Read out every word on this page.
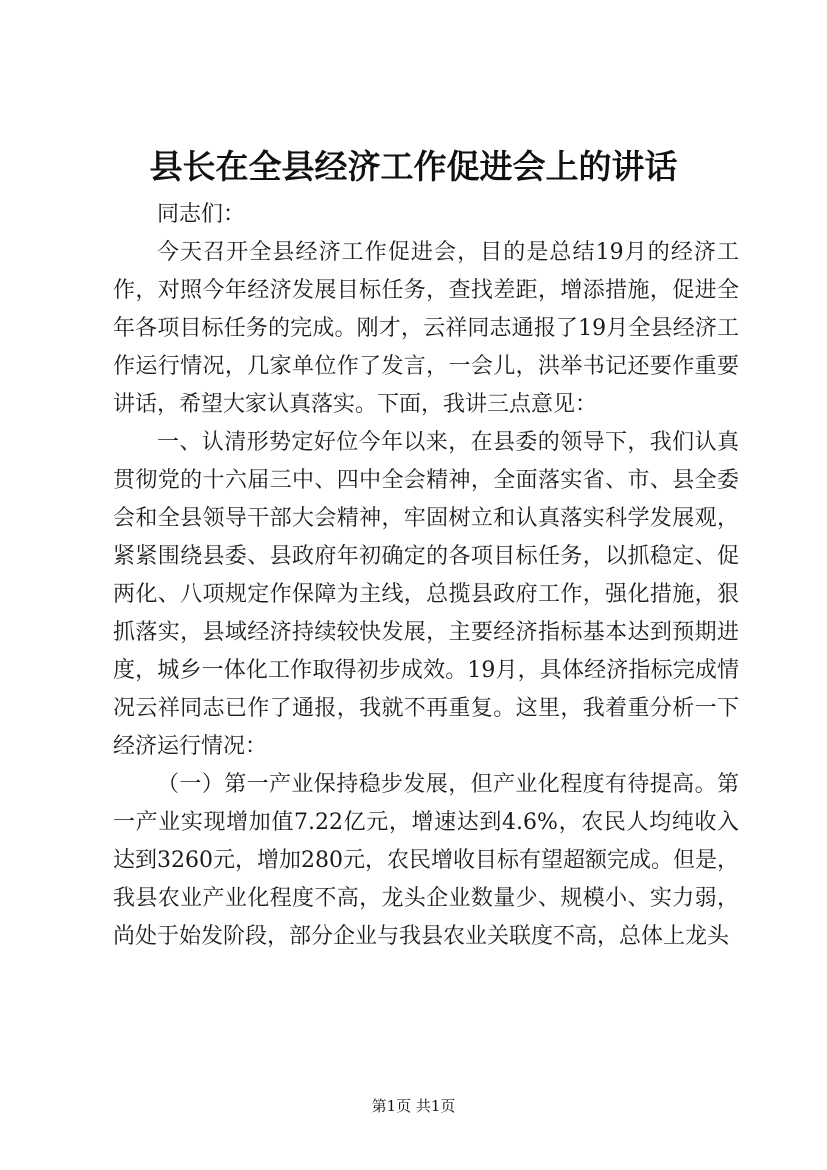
县长在全县经济工作促进会上的讲话

同志们：

今天召开全县经济工作促进会，目的是总结19月的经济工作，对照今年经济发展目标任务，查找差距，增添措施，促进全年各项目标任务的完成。刚才，云祥同志通报了19月全县经济工作运行情况，几家单位作了发言，一会儿，洪举书记还要作重要讲话，希望大家认真落实。下面，我讲三点意见：

一、认清形势定好位今年以来，在县委的领导下，我们认真贯彻党的十六届三中、四中全会精神，全面落实省、市、县全委会和全县领导干部大会精神，牢固树立和认真落实科学发展观，紧紧围绕县委、县政府年初确定的各项目标任务，以抓稳定、促两化、八项规定作保障为主线，总揽县政府工作，强化措施，狠抓落实，县域经济持续较快发展，主要经济指标基本达到预期进度，城乡一体化工作取得初步成效。19月，具体经济指标完成情况云祥同志已作了通报，我就不再重复。这里，我着重分析一下经济运行情况：

（一）第一产业保持稳步发展，但产业化程度有待提高。第一产业实现增加值7.22亿元，增速达到4.6%，农民人均纯收入达到3260元，增加280元，农民增收目标有望超额完成。但是，我县农业产业化程度不高，龙头企业数量少、规模小、实力弱，尚处于始发阶段，部分企业与我县农业关联度不高，总体上龙头

第1页 共1页
